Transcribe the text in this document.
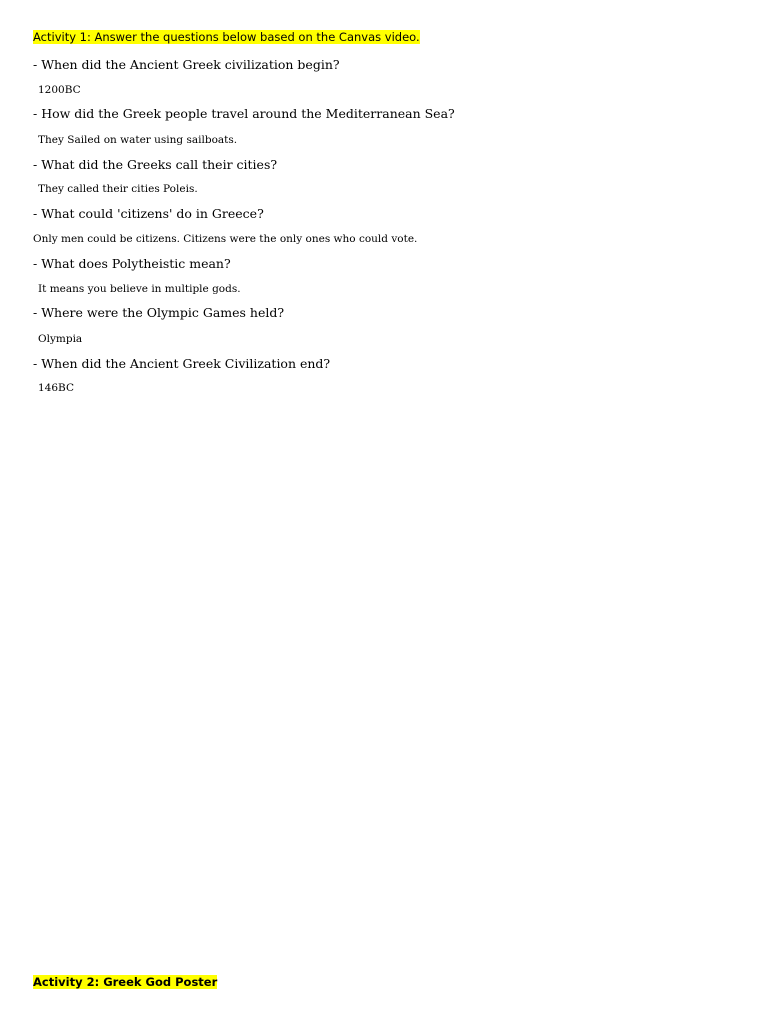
Activity 1: Answer the questions below based on the Canvas video.
- When did the Ancient Greek civilization begin?
1200BC
- How did the Greek people travel around the Mediterranean Sea?
They Sailed on water using sailboats.
- What did the Greeks call their cities?
They called their cities Poleis.
- What could 'citizens' do in Greece?
Only men could be citizens. Citizens were the only ones who could vote.
- What does Polytheistic mean?
It means you believe in multiple gods.
- Where were the Olympic Games held?
Olympia
- When did the Ancient Greek Civilization end?
146BC
Activity 2: Greek God Poster
